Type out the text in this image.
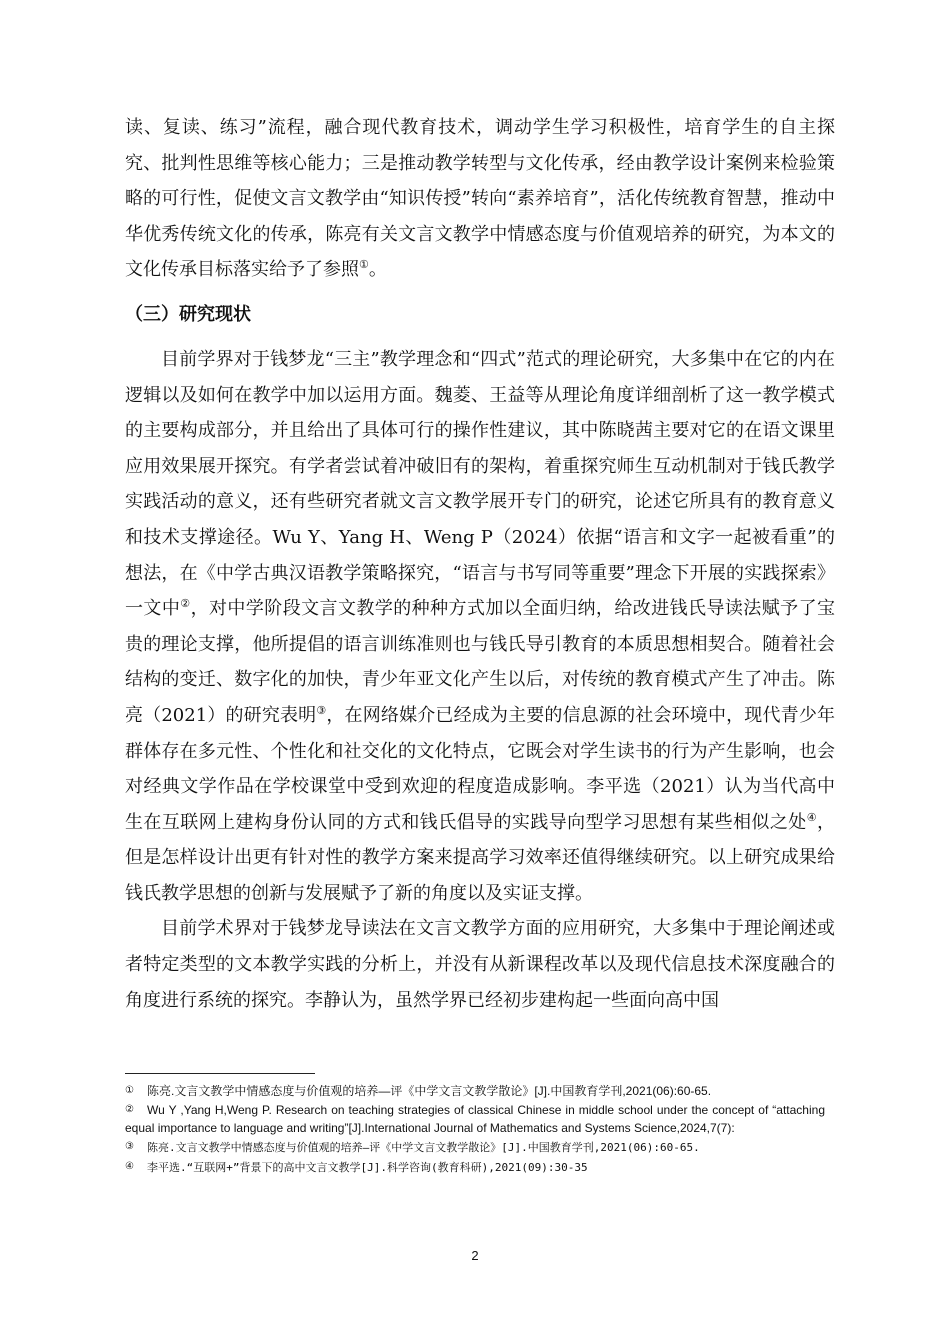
读、复读、练习”流程，融合现代教育技术，调动学生学习积极性，培育学生的自主探究、批判性思维等核心能力；三是推动教学转型与文化传承，经由教学设计案例来检验策略的可行性，促使文言文教学由“知识传授”转向“素养培育”，活化传统教育智慧，推动中华优秀传统文化的传承，陈亮有关文言文教学中情感态度与价值观培养的研究，为本文的文化传承目标落实给予了参照①。

（三）研究现状

目前学界对于钱梦龙“三主”教学理念和“四式”范式的理论研究，大多集中在它的内在逻辑以及如何在教学中加以运用方面。魏菱、王益等从理论角度详细剖析了这一教学模式的主要构成部分，并且给出了具体可行的操作性建议，其中陈晓茜主要对它的在语文课里应用效果展开探究。有学者尝试着冲破旧有的架构，着重探究师生互动机制对于钱氏教学实践活动的意义，还有些研究者就文言文教学展开专门的研究，论述它所具有的教育意义和技术支撑途径。Wu Y、Yang H、Weng P（2024）依据“语言和文字一起被看重”的想法，在《中学古典汉语教学策略探究，“语言与书写同等重要”理念下开展的实践探索》一文中②，对中学阶段文言文教学的种种方式加以全面归纳，给改进钱氏导读法赋予了宝贵的理论支撑，他所提倡的语言训练准则也与钱氏导引教育的本质思想相契合。随着社会结构的变迁、数字化的加快，青少年亚文化产生以后，对传统的教育模式产生了冲击。陈亮（2021）的研究表明③，在网络媒介已经成为主要的信息源的社会环境中，现代青少年群体存在多元性、个性化和社交化的文化特点，它既会对学生读书的行为产生影响，也会对经典文学作品在学校课堂中受到欢迎的程度造成影响。李平选（2021）认为当代高中生在互联网上建构身份认同的方式和钱氏倡导的实践导向型学习思想有某些相似之处④，但是怎样设计出更有针对性的教学方案来提高学习效率还值得继续研究。以上研究成果给钱氏教学思想的创新与发展赋予了新的角度以及实证支撑。

目前学术界对于钱梦龙导读法在文言文教学方面的应用研究，大多集中于理论阐述或者特定类型的文本教学实践的分析上，并没有从新课程改革以及现代信息技术深度融合的角度进行系统的探究。李静认为，虽然学界已经初步建构起一些面向高中国

① 陈亮.文言文教学中情感态度与价值观的培养—评《中学文言文教学散论》[J].中国教育学刊,2021(06):60-65.

② Wu Y ,Yang H,Weng P. Research on teaching strategies of classical Chinese in middle school under the concept of “attaching equal importance to language and writing”[J].International Journal of Mathematics and Systems Science,2024,7(7):

③ 陈亮.文言文教学中情感态度与价值观的培养—评《中学文言文教学散论》[J].中国教育学刊,2021(06):60-65.

④ 李平选.“互联网+”背景下的高中文言文教学[J].科学咨询(教育科研),2021(09):30-35

2
